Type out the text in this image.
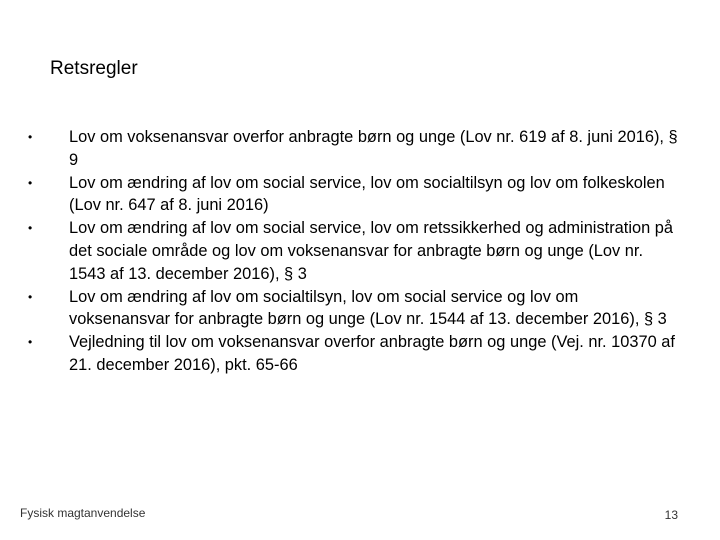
Retsregler
•	Lov om voksenansvar overfor anbragte børn og unge (Lov nr. 619 af 8. juni 2016), § 9
•	Lov om ændring af lov om social service, lov om socialtilsyn og lov om folkeskolen (Lov nr. 647 af 8. juni 2016)
•	Lov om ændring af lov om social service, lov om retssikkerhed og administration på det sociale område og lov om voksenansvar for anbragte børn og unge (Lov nr. 1543 af 13. december 2016), § 3
•	Lov om ændring af lov om socialtilsyn, lov om social service og lov om voksenansvar for anbragte børn og unge (Lov nr. 1544 af 13. december 2016), § 3
•	Vejledning til lov om voksenansvar overfor anbragte børn og unge (Vej. nr. 10370 af 21. december 2016), pkt. 65-66
Fysisk magtanvendelse	13
